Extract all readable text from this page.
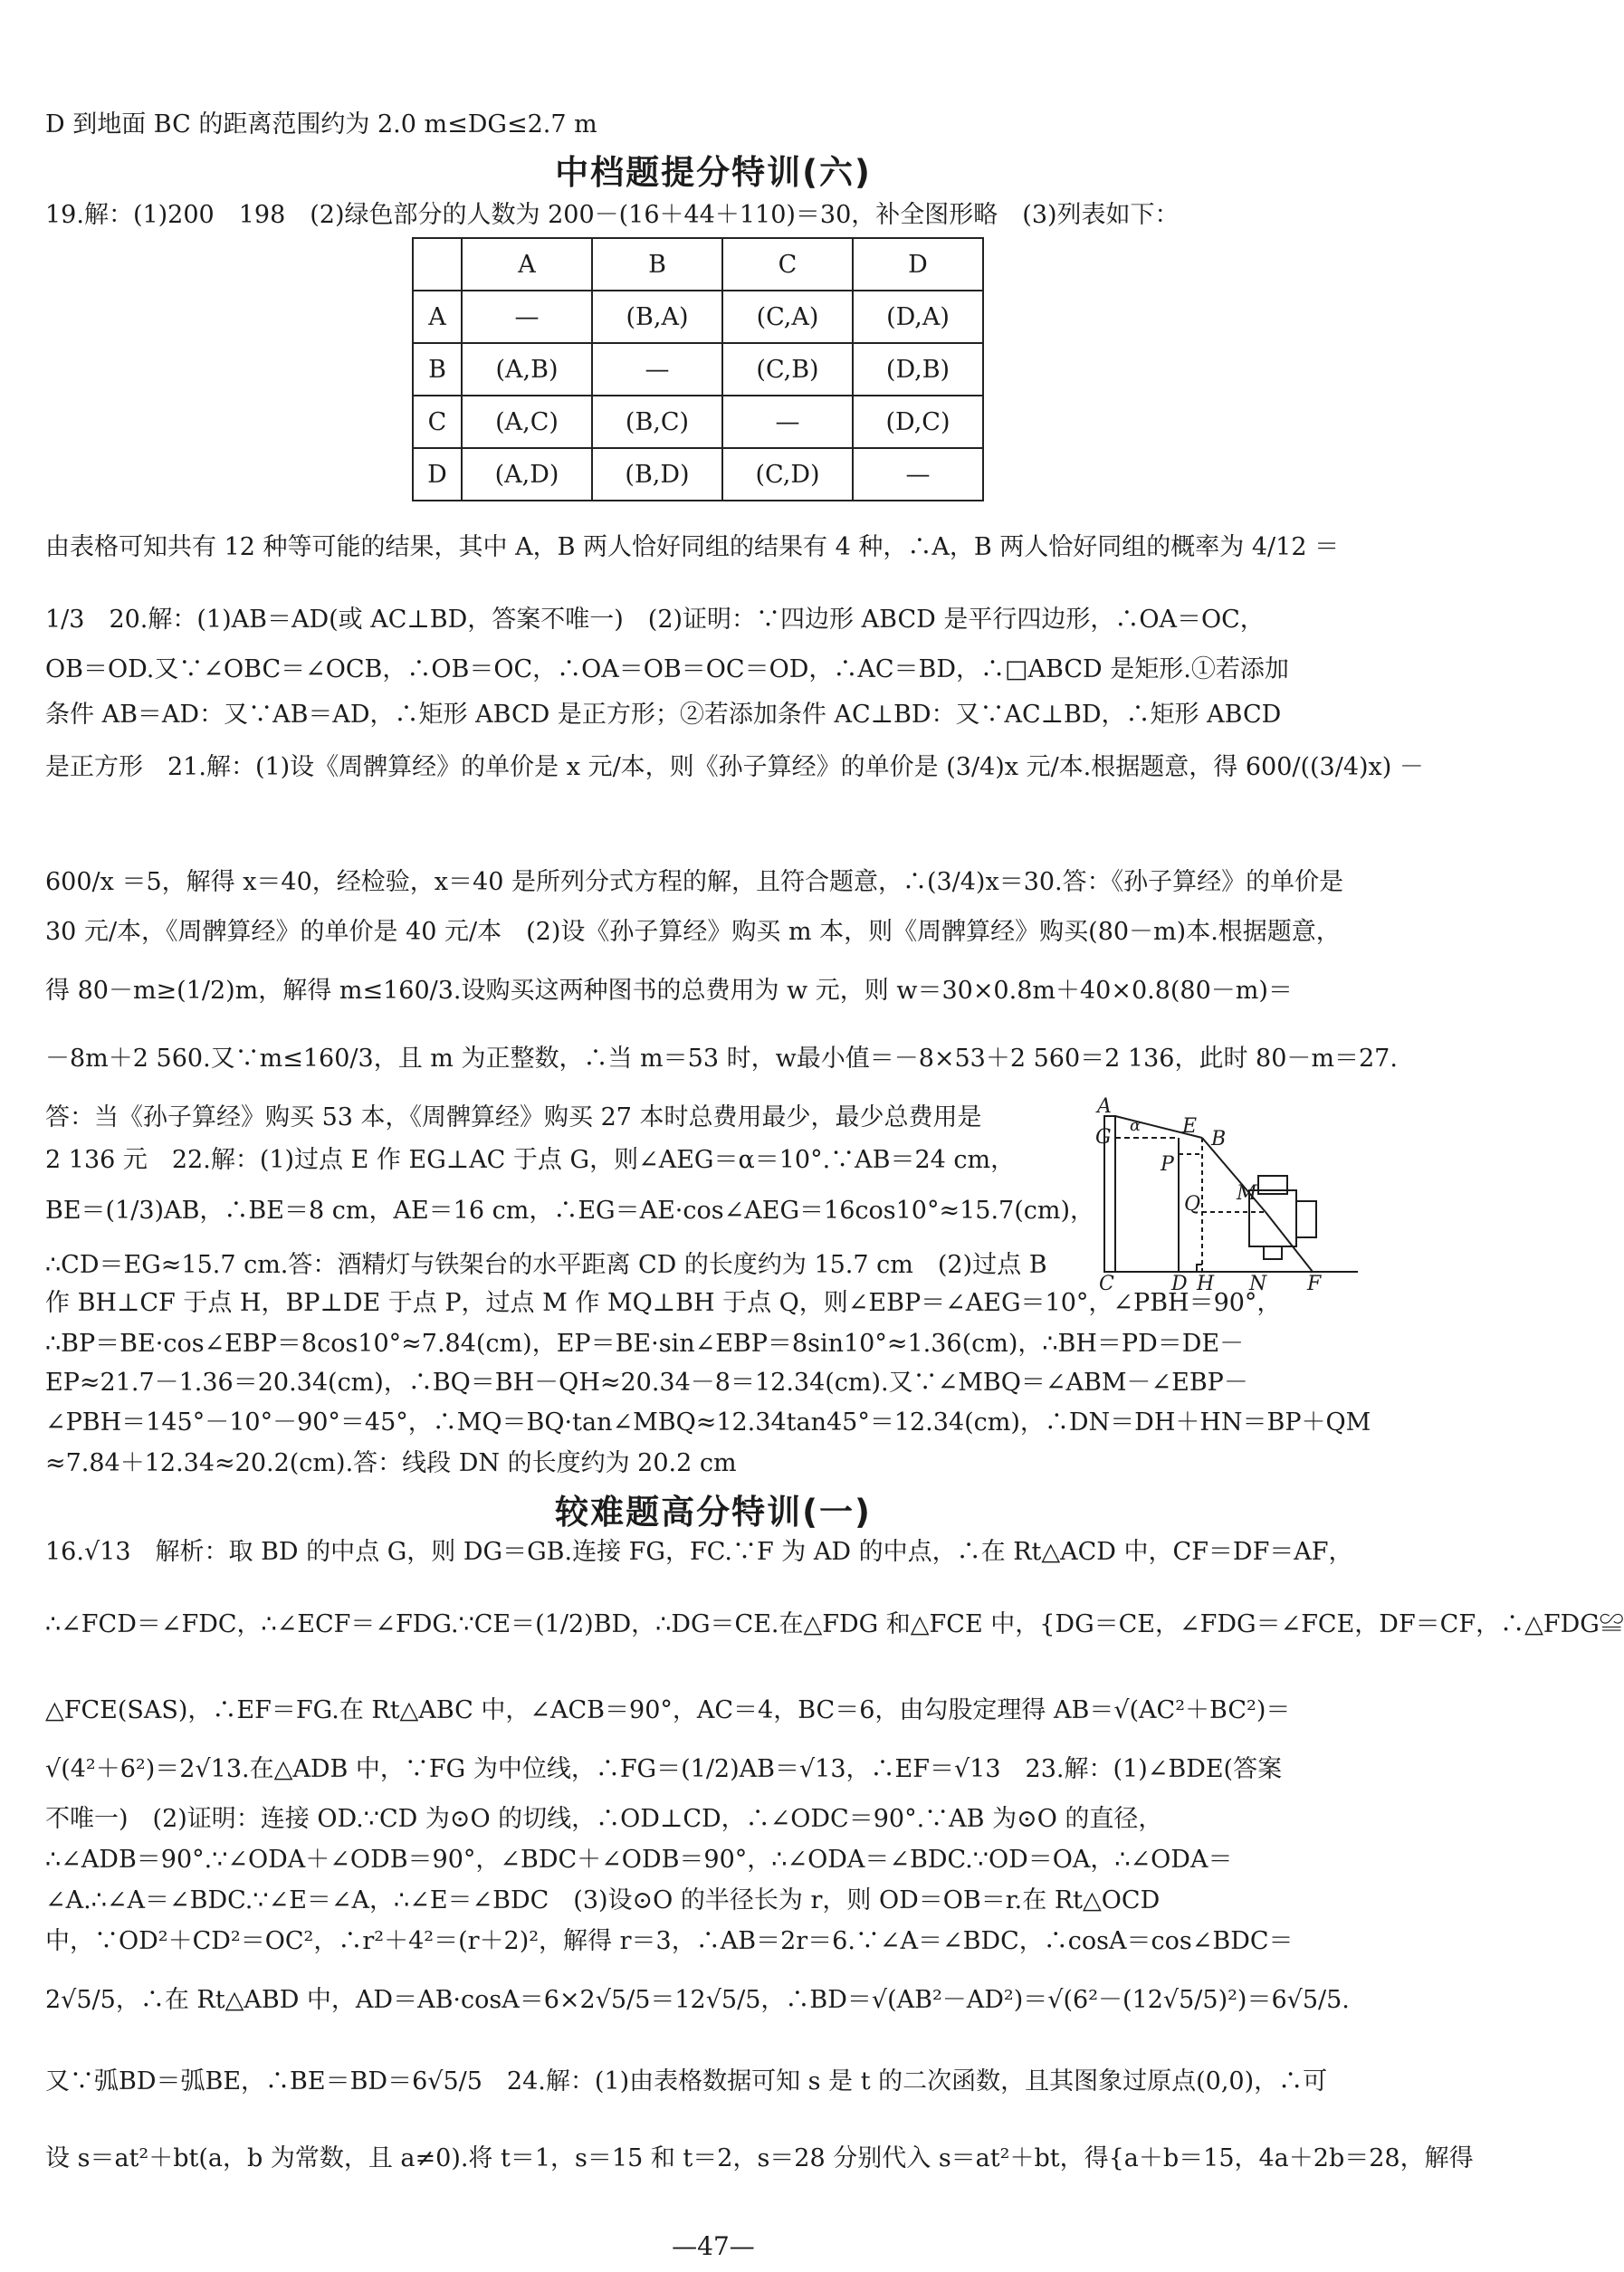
D 到地面 BC 的距离范围约为 2.0 m≤DG≤2.7 m
中档题提分特训(六)
19.解：(1)200　198　(2)绿色部分的人数为 200－(16＋44＋110)＝30，补全图形略　(3)列表如下：
	A	B	C	D
A	—	(B,A)	(C,A)	(D,A)
B	(A,B)	—	(C,B)	(D,B)
C	(A,C)	(B,C)	—	(D,C)
D	(A,D)	(B,D)	(C,D)	—
由表格可知共有 12 种等可能的结果，其中 A，B 两人恰好同组的结果有 4 种，∴A，B 两人恰好同组的概率为 4/12 ＝
1/3　20.解：(1)AB＝AD(或 AC⊥BD，答案不唯一)　(2)证明：∵四边形 ABCD 是平行四边形，∴OA＝OC，
OB＝OD.又∵∠OBC＝∠OCB，∴OB＝OC，∴OA＝OB＝OC＝OD，∴AC＝BD，∴□ABCD 是矩形.①若添加
条件 AB＝AD：又∵AB＝AD，∴矩形 ABCD 是正方形；②若添加条件 AC⊥BD：又∵AC⊥BD，∴矩形 ABCD
是正方形　21.解：(1)设《周髀算经》的单价是 x 元/本，则《孙子算经》的单价是 (3/4)x 元/本.根据题意，得 600/((3/4)x) －
600/x ＝5，解得 x＝40，经检验，x＝40 是所列分式方程的解，且符合题意，∴(3/4)x＝30.答：《孙子算经》的单价是
30 元/本，《周髀算经》的单价是 40 元/本　(2)设《孙子算经》购买 m 本，则《周髀算经》购买(80－m)本.根据题意，
得 80－m≥(1/2)m，解得 m≤160/3.设购买这两种图书的总费用为 w 元，则 w＝30×0.8m＋40×0.8(80－m)＝
－8m＋2 560.又∵m≤160/3，且 m 为正整数，∴当 m＝53 时，w最小值＝－8×53＋2 560＝2 136，此时 80－m＝27.
答：当《孙子算经》购买 53 本，《周髀算经》购买 27 本时总费用最少，最少总费用是
2 136 元　22.解：(1)过点 E 作 EG⊥AC 于点 G，则∠AEG＝α＝10°.∵AB＝24 cm，
BE＝(1/3)AB，∴BE＝8 cm，AE＝16 cm，∴EG＝AE·cos∠AEG＝16cos10°≈15.7(cm)，
∴CD＝EG≈15.7 cm.答：酒精灯与铁架台的水平距离 CD 的长度约为 15.7 cm　(2)过点 B
A
G
α E
B
P
Q M
C	D H N F
作 BH⊥CF 于点 H，BP⊥DE 于点 P，过点 M 作 MQ⊥BH 于点 Q，则∠EBP＝∠AEG＝10°，∠PBH＝90°，
∴BP＝BE·cos∠EBP＝8cos10°≈7.84(cm)，EP＝BE·sin∠EBP＝8sin10°≈1.36(cm)，∴BH＝PD＝DE－
EP≈21.7－1.36＝20.34(cm)，∴BQ＝BH－QH≈20.34－8＝12.34(cm).又∵∠MBQ＝∠ABM－∠EBP－
∠PBH＝145°－10°－90°＝45°，∴MQ＝BQ·tan∠MBQ≈12.34tan45°＝12.34(cm)，∴DN＝DH＋HN＝BP＋QM
≈7.84＋12.34≈20.2(cm).答：线段 DN 的长度约为 20.2 cm
较难题高分特训(一)
16.√13　解析：取 BD 的中点 G，则 DG＝GB.连接 FG，FC.∵F 为 AD 的中点，∴在 Rt△ACD 中，CF＝DF＝AF，
∴∠FCD＝∠FDC，∴∠ECF＝∠FDG.∵CE＝(1/2)BD，∴DG＝CE.在△FDG 和△FCE 中，{DG＝CE，∠FDG＝∠FCE，DF＝CF，∴△FDG≌
△FCE(SAS)，∴EF＝FG.在 Rt△ABC 中，∠ACB＝90°，AC＝4，BC＝6，由勾股定理得 AB＝√(AC²＋BC²)＝
√(4²＋6²)＝2√13.在△ADB 中，∵FG 为中位线，∴FG＝(1/2)AB＝√13，∴EF＝√13　23.解：(1)∠BDE(答案
不唯一)　(2)证明：连接 OD.∵CD 为⊙O 的切线，∴OD⊥CD，∴∠ODC＝90°.∵AB 为⊙O 的直径，
∴∠ADB＝90°.∵∠ODA＋∠ODB＝90°，∠BDC＋∠ODB＝90°，∴∠ODA＝∠BDC.∵OD＝OA，∴∠ODA＝
∠A.∴∠A＝∠BDC.∵∠E＝∠A，∴∠E＝∠BDC　(3)设⊙O 的半径长为 r，则 OD＝OB＝r.在 Rt△OCD
中，∵OD²＋CD²＝OC²，∴r²＋4²＝(r＋2)²，解得 r＝3，∴AB＝2r＝6.∵∠A＝∠BDC，∴cosA＝cos∠BDC＝
2√5/5，∴在 Rt△ABD 中，AD＝AB·cosA＝6×2√5/5＝12√5/5，∴BD＝√(AB²－AD²)＝√(6²－(12√5/5)²)＝6√5/5.
又∵弧BD＝弧BE，∴BE＝BD＝6√5/5　24.解：(1)由表格数据可知 s 是 t 的二次函数，且其图象过原点(0,0)，∴可
设 s＝at²＋bt(a，b 为常数，且 a≠0).将 t＝1，s＝15 和 t＝2，s＝28 分别代入 s＝at²＋bt，得{a＋b＝15，4a＋2b＝28，解得
—47—
